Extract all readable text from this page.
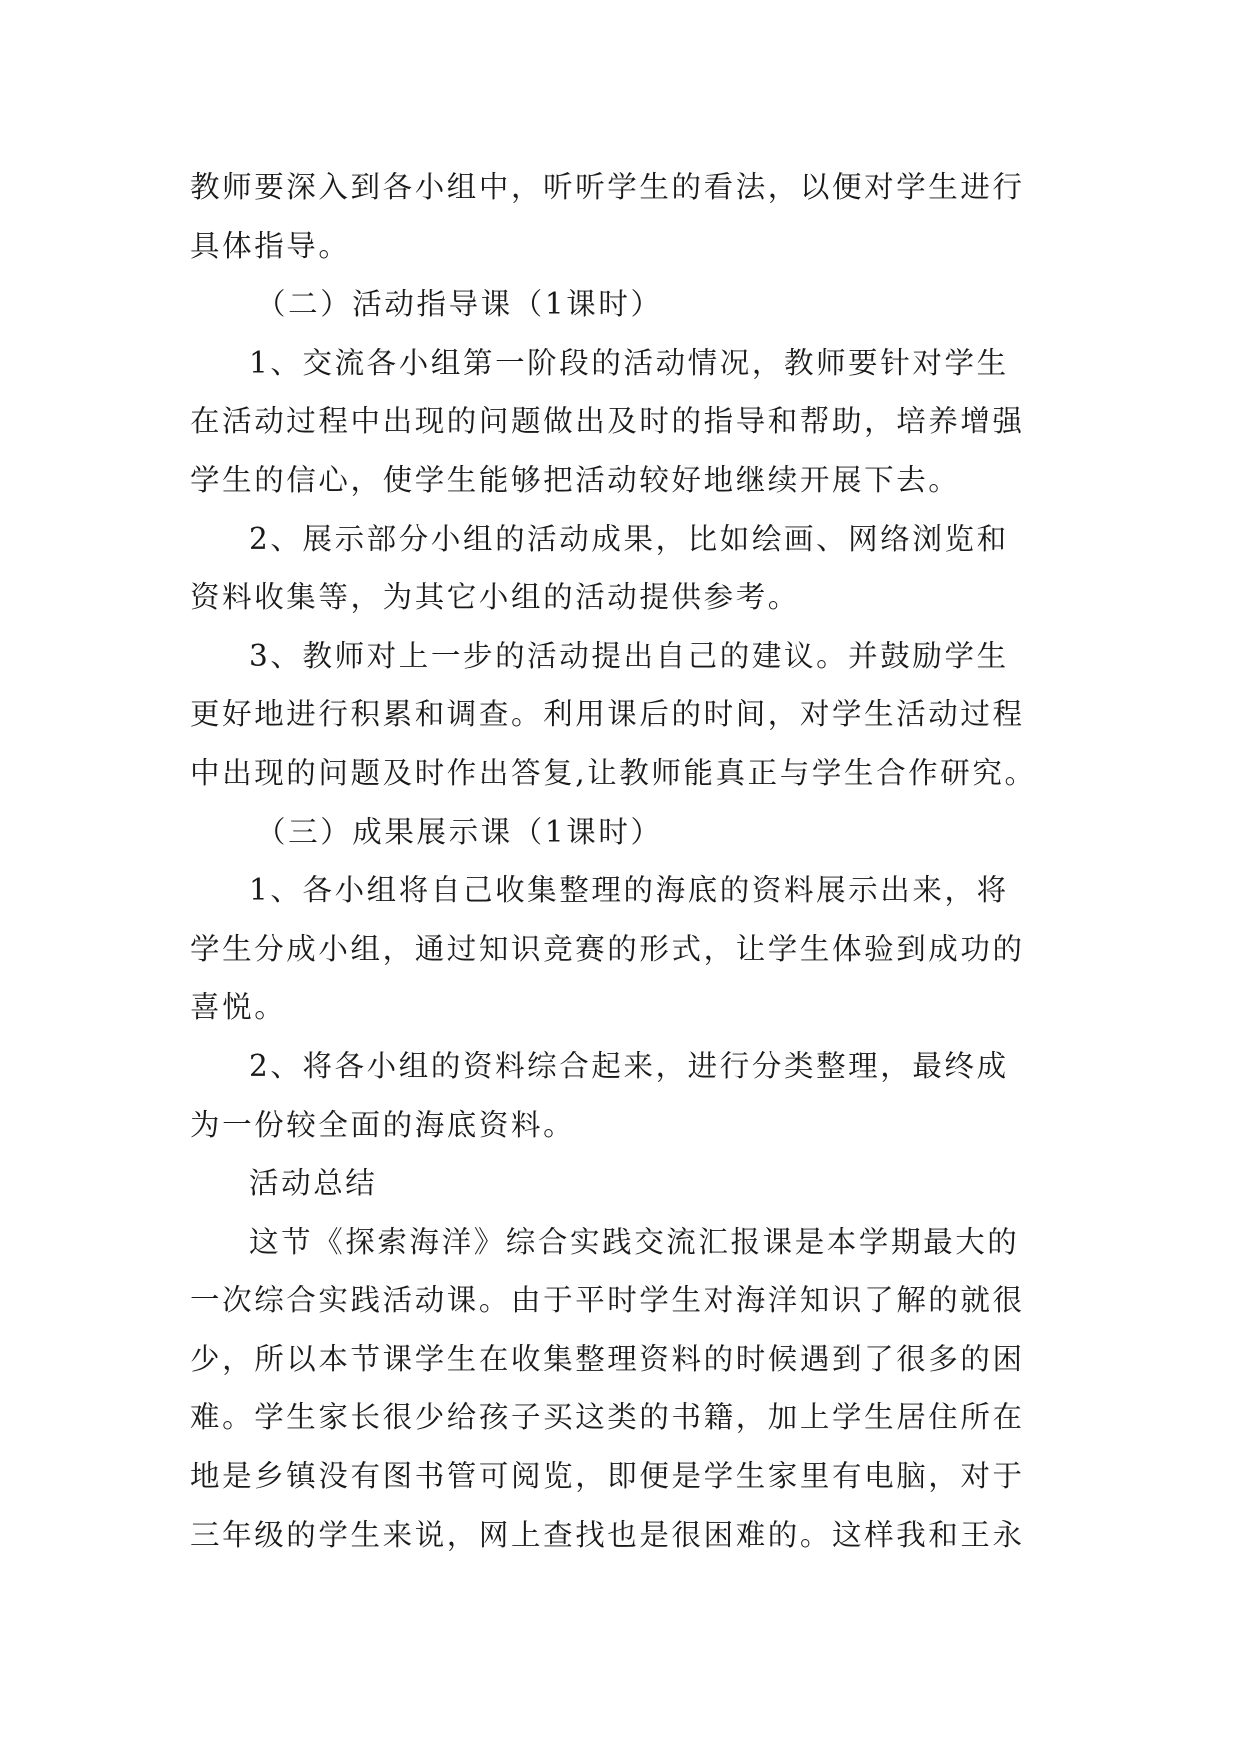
教师要深入到各小组中，听听学生的看法，以便对学生进行
具体指导。
（二）活动指导课（1课时）
1、交流各小组第一阶段的活动情况，教师要针对学生
在活动过程中出现的问题做出及时的指导和帮助，培养增强
学生的信心，使学生能够把活动较好地继续开展下去。
2、展示部分小组的活动成果，比如绘画、网络浏览和
资料收集等，为其它小组的活动提供参考。
3、教师对上一步的活动提出自己的建议。并鼓励学生
更好地进行积累和调查。利用课后的时间，对学生活动过程
中出现的问题及时作出答复,让教师能真正与学生合作研究。
（三）成果展示课（1课时）
1、各小组将自己收集整理的海底的资料展示出来，将
学生分成小组，通过知识竞赛的形式，让学生体验到成功的
喜悦。
2、将各小组的资料综合起来，进行分类整理，最终成
为一份较全面的海底资料。
活动总结
这节《探索海洋》综合实践交流汇报课是本学期最大的
一次综合实践活动课。由于平时学生对海洋知识了解的就很
少，所以本节课学生在收集整理资料的时候遇到了很多的困
难。学生家长很少给孩子买这类的书籍，加上学生居住所在
地是乡镇没有图书管可阅览，即便是学生家里有电脑，对于
三年级的学生来说，网上查找也是很困难的。这样我和王永
